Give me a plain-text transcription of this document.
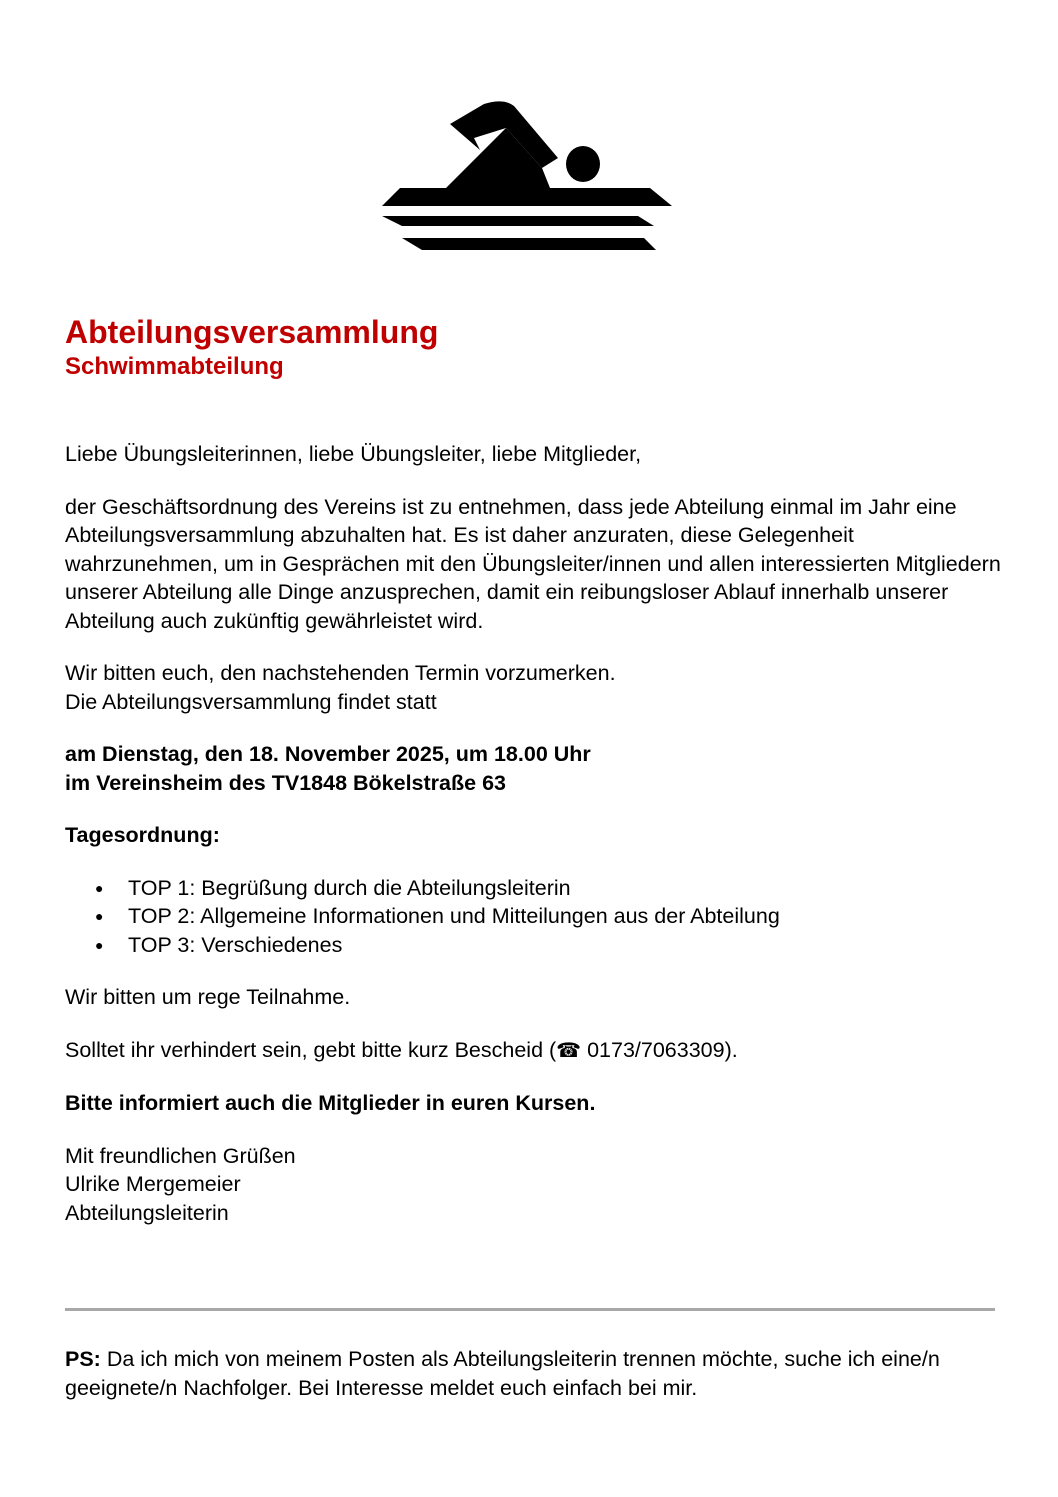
Abteilungsversammlung
Schwimmabteilung

Liebe Übungsleiterinnen, liebe Übungsleiter, liebe Mitglieder,

der Geschäftsordnung des Vereins ist zu entnehmen, dass jede Abteilung einmal im Jahr eine Abteilungsversammlung abzuhalten hat. Es ist daher anzuraten, diese Gelegenheit wahrzunehmen, um in Gesprächen mit den Übungsleiter/innen und allen interessierten Mitgliedern unserer Abteilung alle Dinge anzusprechen, damit ein reibungsloser Ablauf innerhalb unserer Abteilung auch zukünftig gewährleistet wird.

Wir bitten euch, den nachstehenden Termin vorzumerken.
Die Abteilungsversammlung findet statt

am Dienstag, den 18. November 2025, um 18.00 Uhr
im Vereinsheim des TV1848 Bökelstraße 63

Tagesordnung:

● TOP 1: Begrüßung durch die Abteilungsleiterin
● TOP 2: Allgemeine Informationen und Mitteilungen aus der Abteilung
● TOP 3: Verschiedenes

Wir bitten um rege Teilnahme.

Solltet ihr verhindert sein, gebt bitte kurz Bescheid (☎ 0173/7063309).

Bitte informiert auch die Mitglieder in euren Kursen.

Mit freundlichen Grüßen
Ulrike Mergemeier
Abteilungsleiterin

PS: Da ich mich von meinem Posten als Abteilungsleiterin trennen möchte, suche ich eine/n geeignete/n Nachfolger. Bei Interesse meldet euch einfach bei mir.
